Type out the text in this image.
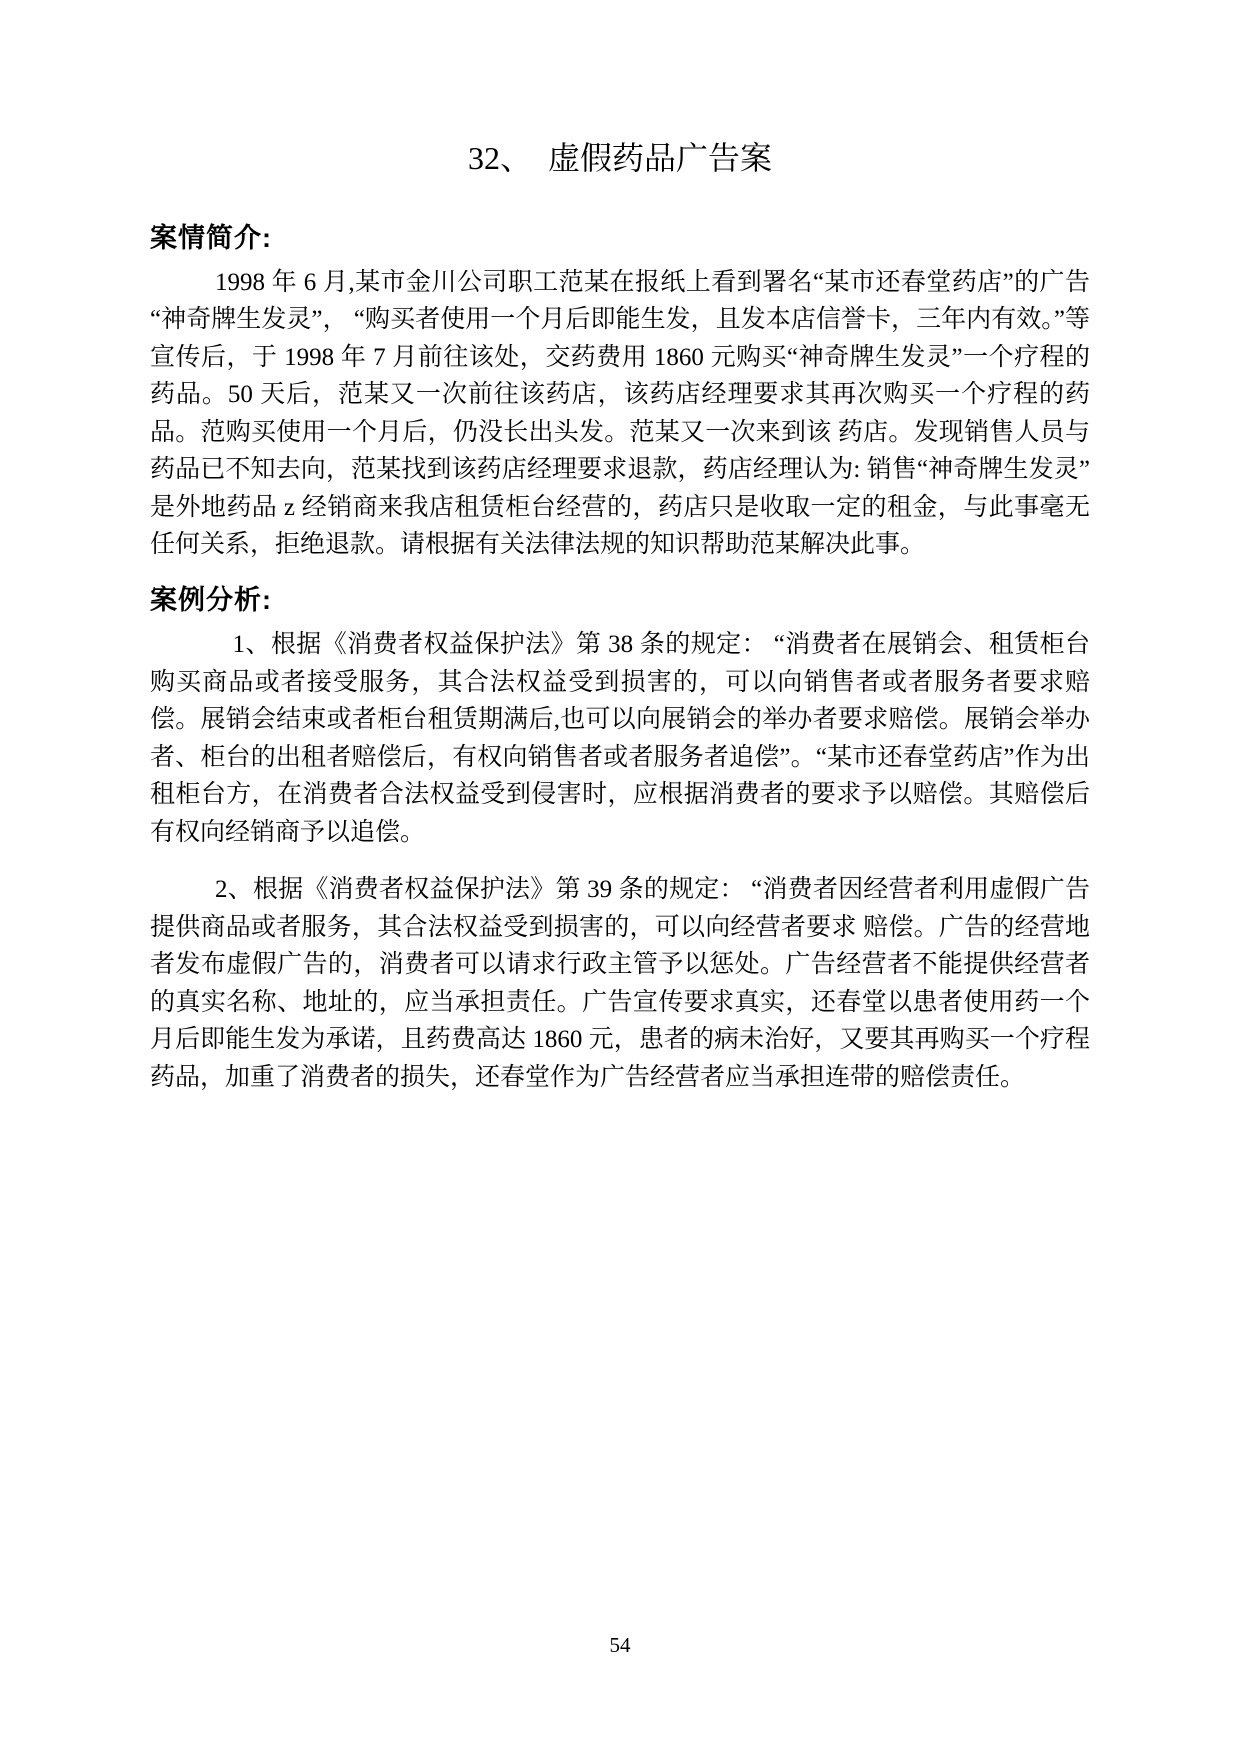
32、　虚假药品广告案
案情简介:

1998 年 6 月,某市金川公司职工范某在报纸上看到署名“某市还春堂药店”的广告“神奇牌生发灵”， “购买者使用一个月后即能生发，且发本店信誉卡，三年内有效。”等宣传后，于 1998 年 7 月前往该处，交药费用 1860 元购买“神奇牌生发灵”一个疗程的药品。50 天后，范某又一次前往该药店，该药店经理要求其再次购买一个疗程的药品。范购买使用一个月后，仍没长出头发。范某又一次来到该 药店。发现销售人员与药品已不知去向，范某找到该药店经理要求退款，药店经理认为: 销售“神奇牌生发灵”是外地药品 z 经销商来我店租赁柜台经营的，药店只是收取一定的租金，与此事毫无任何关系，拒绝退款。请根据有关法律法规的知识帮助范某解决此事。

案例分析:

1、根据《消费者权益保护法》第 38 条的规定： “消费者在展销会、租赁柜台购买商品或者接受服务，其合法权益受到损害的，可以向销售者或者服务者要求赔偿。展销会结束或者柜台租赁期满后,也可以向展销会的举办者要求赔偿。展销会举办者、柜台的出租者赔偿后，有权向销售者或者服务者追偿”。“某市还春堂药店”作为出租柜台方，在消费者合法权益受到侵害时，应根据消费者的要求予以赔偿。其赔偿后有权向经销商予以追偿。

2、根据《消费者权益保护法》第 39 条的规定： “消费者因经营者利用虚假广告提供商品或者服务，其合法权益受到损害的，可以向经营者要求 赔偿。广告的经营地者发布虚假广告的，消费者可以请求行政主管予以惩处。广告经营者不能提供经营者的真实名称、地址的，应当承担责任。广告宣传要求真实，还春堂以患者使用药一个月后即能生发为承诺，且药费高达 1860 元，患者的病未治好，又要其再购买一个疗程药品，加重了消费者的损失，还春堂作为广告经营者应当承担连带的赔偿责任。

54
